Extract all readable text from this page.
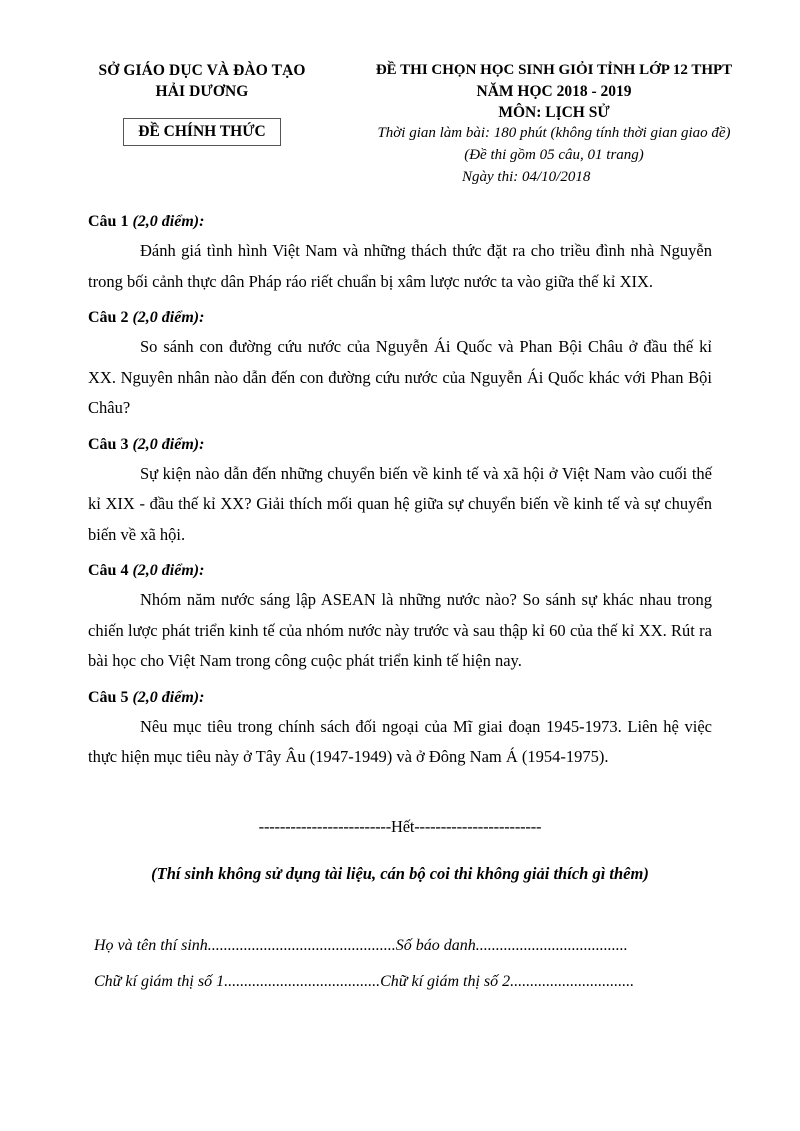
SỞ GIÁO DỤC VÀ ĐÀO TẠO
HẢI DƯƠNG
ĐỀ CHÍNH THỨC
ĐỀ THI CHỌN HỌC SINH GIỎI TỈNH LỚP 12 THPT
NĂM HỌC 2018 - 2019
MÔN: LỊCH SỬ
Thời gian làm bài: 180 phút (không tính thời gian giao đề)
(Đề thi gồm 05 câu, 01 trang)
Ngày thi: 04/10/2018
Câu 1 (2,0 điểm):
Đánh giá tình hình Việt Nam và những thách thức đặt ra cho triều đình nhà Nguyễn trong bối cảnh thực dân Pháp ráo riết chuẩn bị xâm lược nước ta vào giữa thế kỉ XIX.
Câu 2 (2,0 điểm):
So sánh con đường cứu nước của Nguyễn Ái Quốc và Phan Bội Châu ở đầu thế kỉ XX. Nguyên nhân nào dẫn đến con đường cứu nước của Nguyễn Ái Quốc khác với Phan Bội Châu?
Câu 3 (2,0 điểm):
Sự kiện nào dẫn đến những chuyển biến về kinh tế và xã hội ở Việt Nam vào cuối thế kỉ XIX - đầu thế kỉ XX? Giải thích mối quan hệ giữa sự chuyển biến về kinh tế và sự chuyển biến về xã hội.
Câu 4 (2,0 điểm):
Nhóm năm nước sáng lập ASEAN là những nước nào? So sánh sự khác nhau trong chiến lược phát triển kinh tế của nhóm nước này trước và sau thập kỉ 60 của thế kỉ XX. Rút ra bài học cho Việt Nam trong công cuộc phát triển kinh tế hiện nay.
Câu 5 (2,0 điểm):
Nêu mục tiêu trong chính sách đối ngoại của Mĩ giai đoạn 1945-1973. Liên hệ việc thực hiện mục tiêu này ở Tây Âu (1947-1949) và ở Đông Nam Á (1954-1975).
-------------------------Hết------------------------
(Thí sinh không sử dụng tài liệu, cán bộ coi thi không giải thích gì thêm)
Họ và tên thí sinh...............................................Số báo danh......................................
Chữ kí giám thị số 1.......................................Chữ kí giám thị số 2...............................
